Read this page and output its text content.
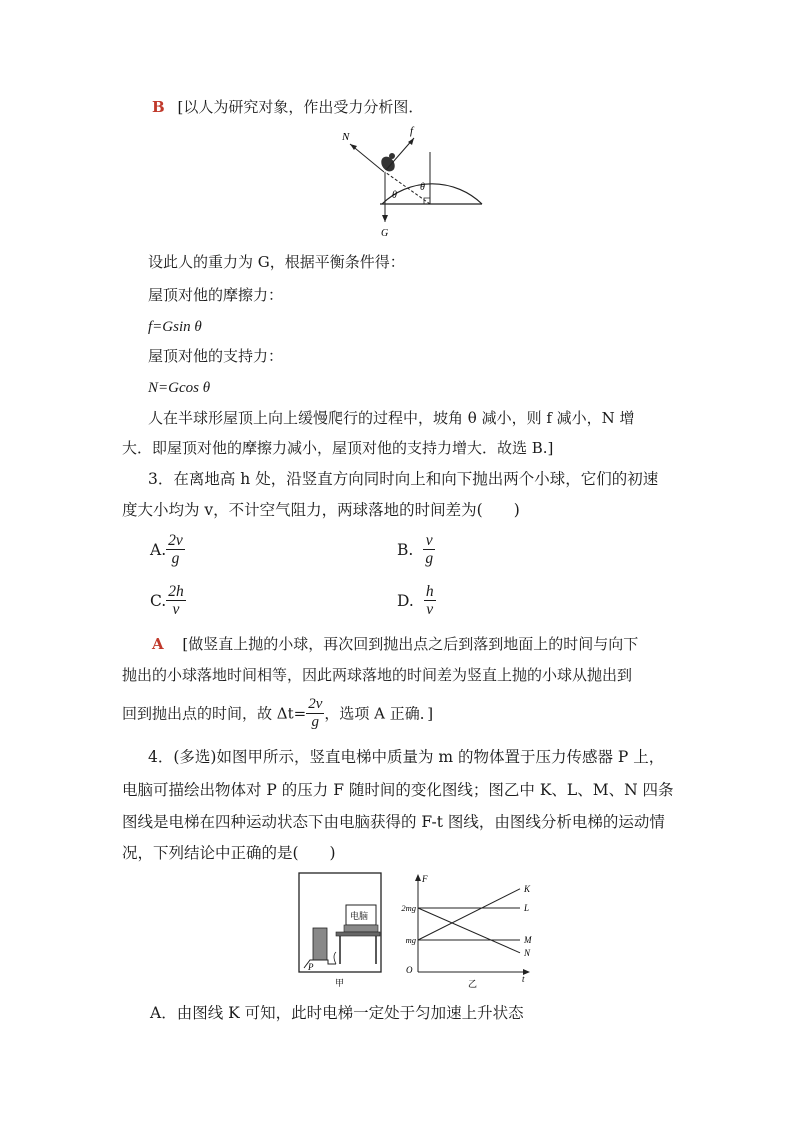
B [以人为研究对象，作出受力分析图．
N	f
G
θ
θ
设此人的重力为 G，根据平衡条件得：
屋顶对他的摩擦力：
f=Gsin θ
屋顶对他的支持力：
N=Gcos θ
人在半球形屋顶上向上缓慢爬行的过程中，坡角 θ 减小，则 f 减小，N 增
大．即屋顶对他的摩擦力减小，屋顶对他的支持力增大．故选 B.]
3．在离地高 h 处，沿竖直方向同时向上和向下抛出两个小球，它们的初速
度大小均为 v，不计空气阻力，两球落地的时间差为(　　)
A. $\frac{2v}{g}$	B. $\frac{v}{g}$
C. $\frac{2h}{v}$	D. $\frac{h}{v}$
A [做竖直上抛的小球，再次回到抛出点之后到落到地面上的时间与向下
抛出的小球落地时间相等，因此两球落地的时间差为竖直上抛的小球从抛出到
回到抛出点的时间，故 $\Delta t= \frac{2v}{g}$ ，选项 A 正确．]
4．(多选)如图甲所示，竖直电梯中质量为 m 的物体置于压力传感器 P 上，
电脑可描绘出物体对 P 的压力 F 随时间的变化图线；图乙中 K、L、M、N 四条
图线是电梯在四种运动状态下由电脑获得的 F-t 图线，由图线分析电梯的运动情
况，下列结论中正确的是(　　)
电脑
P
甲
F
t
O
mg
2mg
K
L
M
N
乙
A．由图线 K 可知，此时电梯一定处于匀加速上升状态
